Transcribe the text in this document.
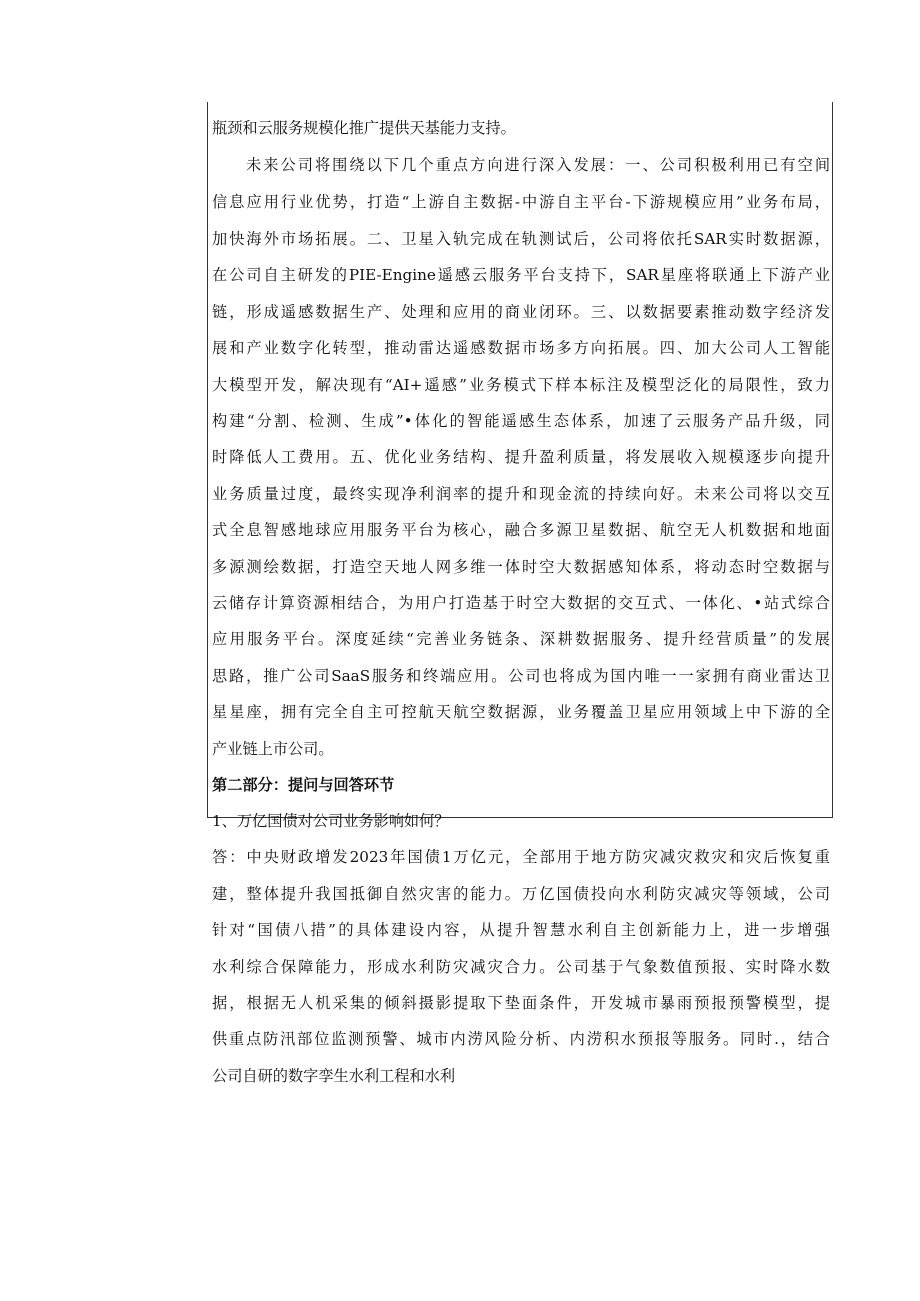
瓶颈和云服务规模化推广提供天基能力支持。
未来公司将围绕以下几个重点方向进行深入发展：一、公司积极利用已有空间
信息应用行业优势，打造“上游自主数据-中游自主平台-下游规模应用”业务布局，
加快海外市场拓展。二、卫星入轨完成在轨测试后，公司将依托SAR实时数据源，
在公司自主研发的PIE-Engine遥感云服务平台支持下，SAR星座将联通上下游产业
链，形成遥感数据生产、处理和应用的商业闭环。三、以数据要素推动数字经济发
展和产业数字化转型，推动雷达遥感数据市场多方向拓展。四、加大公司人工智能
大模型开发，解决现有“AI+遥感”业务模式下样本标注及模型泛化的局限性，致力
构建“分割、检测、生成”•体化的智能遥感生态体系，加速了云服务产品升级，同
时降低人工费用。五、优化业务结构、提升盈利质量，将发展收入规模逐步向提升
业务质量过度，最终实现净利润率的提升和现金流的持续向好。未来公司将以交互
式全息智感地球应用服务平台为核心，融合多源卫星数据、航空无人机数据和地面
多源测绘数据，打造空天地人网多维一体时空大数据感知体系，将动态时空数据与
云储存计算资源相结合，为用户打造基于时空大数据的交互式、一体化、•站式综合
应用服务平台。深度延续“完善业务链条、深耕数据服务、提升经营质量”的发展
思路，推广公司SaaS服务和终端应用。公司也将成为国内唯一一家拥有商业雷达卫
星星座，拥有完全自主可控航天航空数据源，业务覆盖卫星应用领域上中下游的全
产业链上市公司。
第二部分：提问与回答环节
1、万亿国债对公司业务影响如何？
答：中央财政增发2023年国债1万亿元，全部用于地方防灾减灾救灾和灾后恢复重
建，整体提升我国抵御自然灾害的能力。万亿国债投向水利防灾减灾等领域，公司
针对“国债八措”的具体建设内容，从提升智慧水利自主创新能力上，进一步增强
水利综合保障能力，形成水利防灾减灾合力。公司基于气象数值预报、实时降水数
据，根据无人机采集的倾斜摄影提取下垫面条件，开发城市暴雨预报预警模型，提
供重点防汛部位监测预警、城市内涝风险分析、内涝积水预报等服务。同时.，结合
公司自研的数字孪生水利工程和水利
